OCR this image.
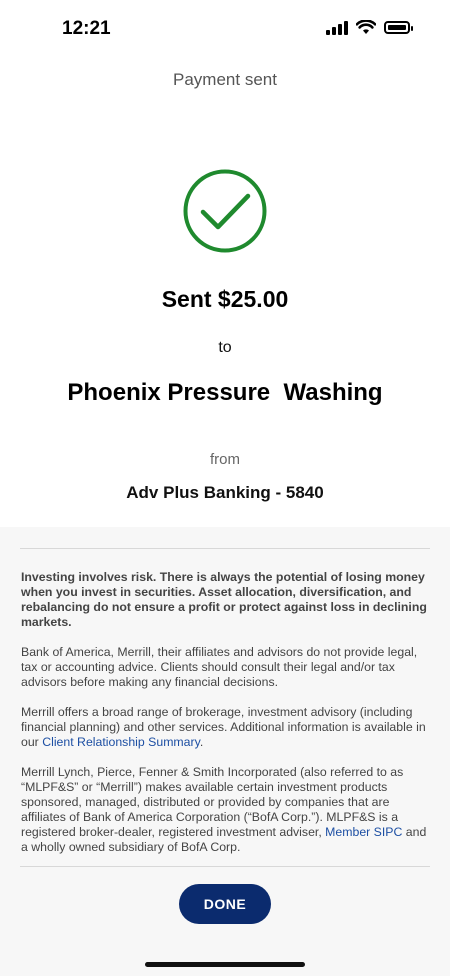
12:21
Payment sent
Sent $25.00
to
Phoenix Pressure  Washing
from
Adv Plus Banking - 5840

Investing involves risk. There is always the potential of losing money when you invest in securities. Asset allocation, diversification, and rebalancing do not ensure a profit or protect against loss in declining markets.

Bank of America, Merrill, their affiliates and advisors do not provide legal, tax or accounting advice. Clients should consult their legal and/or tax advisors before making any financial decisions.

Merrill offers a broad range of brokerage, investment advisory (including financial planning) and other services. Additional information is available in our Client Relationship Summary.

Merrill Lynch, Pierce, Fenner & Smith Incorporated (also referred to as “MLPF&S” or “Merrill”) makes available certain investment products sponsored, managed, distributed or provided by companies that are affiliates of Bank of America Corporation (“BofA Corp.”). MLPF&S is a registered broker-dealer, registered investment adviser, Member SIPC and a wholly owned subsidiary of BofA Corp.

DONE
